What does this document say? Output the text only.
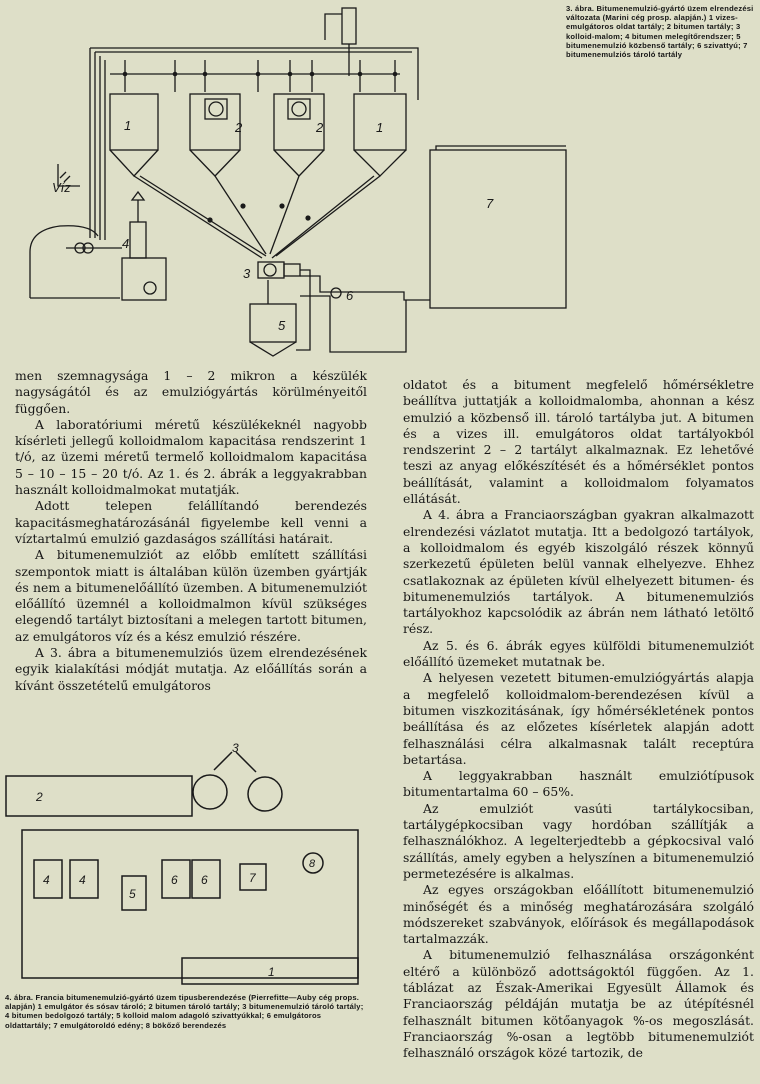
1	2	2	1
4
3
5
6
7
Víz
3. ábra. Bitumenemulzió-gyártó üzem elrendezési változata (Marini cég prosp. alapján.) 1 vizes-emulgátoros oldat tartály; 2 bitumen tartály; 3 kolloid-malom; 4 bitumen melegítőrendszer; 5 bitumenemulzió közbenső tartály; 6 szivattyú; 7 bitumenemulziós tároló tartály

men szemnagysága 1 – 2 mikron a készülék nagyságától és az emulziógyártás körülményeitől függően.

A laboratóriumi méretű készülékeknél nagyobb kísérleti jellegű kolloidmalom kapacitása rendszerint 1 t/ó, az üzemi méretű termelő kolloidmalom kapacitása 5 – 10 – 15 – 20 t/ó. Az 1. és 2. ábrák a leggyakrabban használt kolloidmalmokat mutatják.

Adott telepen felállítandó berendezés kapacitásmeghatározásánál figyelembe kell venni a víztartalmú emulzió gazdaságos szállítási határait.

A bitumenemulziót az előbb említett szállítási szempontok miatt is általában külön üzemben gyártják és nem a bitumenelőállító üzemben. A bitumenemulziót előállító üzemnél a kolloidmalmon kívül szükséges elegendő tartályt biztosítani a melegen tartott bitumen, az emulgátoros víz és a kész emulzió részére.

A 3. ábra a bitumenemulziós üzem elrendezésének egyik kialakítási módját mutatja. Az előállítás során a kívánt összetételű emulgátoros

oldatot és a bitument megfelelő hőmérsékletre beállítva juttatják a kolloidmalomba, ahonnan a kész emulzió a közbenső ill. tároló tartályba jut. A bitumen és a vizes ill. emulgátoros oldat tartályokból rendszerint 2 – 2 tartályt alkalmaznak. Ez lehetővé teszi az anyag előkészítését és a hőmérséklet pontos beállítását, valamint a kolloidmalom folyamatos ellátását.

A 4. ábra a Franciaországban gyakran alkalmazott elrendezési vázlatot mutatja. Itt a bedolgozó tartályok, a kolloidmalom és egyéb kiszolgáló részek könnyű szerkezetű épületen belül vannak elhelyezve. Ehhez csatlakoznak az épületen kívül elhelyezett bitumen- és bitumenemulziós tartályok. A bitumenemulziós tartályokhoz kapcsolódik az ábrán nem látható letöltő rész.

Az 5. és 6. ábrák egyes külföldi bitumenemulziót előállító üzemeket mutatnak be.

A helyesen vezetett bitumen-emulziógyártás alapja a megfelelő kolloidmalom-berendezésen kívül a bitumen viszkozitásának, így hőmérsékletének pontos beállítása és az előzetes kísérletek alapján adott felhasználási célra alkalmasnak talált receptúra betartása.

A leggyakrabban használt emulziótípusok bitumentartalma 60 – 65%.

Az emulziót vasúti tartálykocsiban, tartálygépkocsiban vagy hordóban szállítják a felhasználókhoz. A legelterjedtebb a gépkocsival való szállítás, amely egyben a helyszínen a bitumenemulzió permetezésére is alkalmas.

Az egyes országokban előállított bitumenemulzió minőségét és a minőség meghatározására szolgáló módszereket szabványok, előírások és megállapodások tartalmazzák.

A bitumenemulzió felhasználása országonként eltérő a különböző adottságoktól függően. Az 1. táblázat az Észak-Amerikai Egyesült Államok és Franciaország példáján mutatja be az útépítésnél felhasznált bitumen kötőanyagok %-os megoszlását. Franciaország %-osan a legtöbb bitumenemulziót felhasználó országok közé tartozik, de

2
3
4 4
5
6 6	7
8
1
4. ábra. Francia bitumenemulzió-gyártó üzem tipusberendezése (Pierrefitte—Auby cég props. alapján) 1 emulgátor és sósav tároló; 2 bitumen tároló tartály; 3 bitumenemulzió tároló tartály; 4 bitumen bedolgozó tartály; 5 kolloid malom adagoló szivattyúkkal; 6 emulgátoros oldattartály; 7 emulgátoroldó edény; 8 bökőző berendezés
